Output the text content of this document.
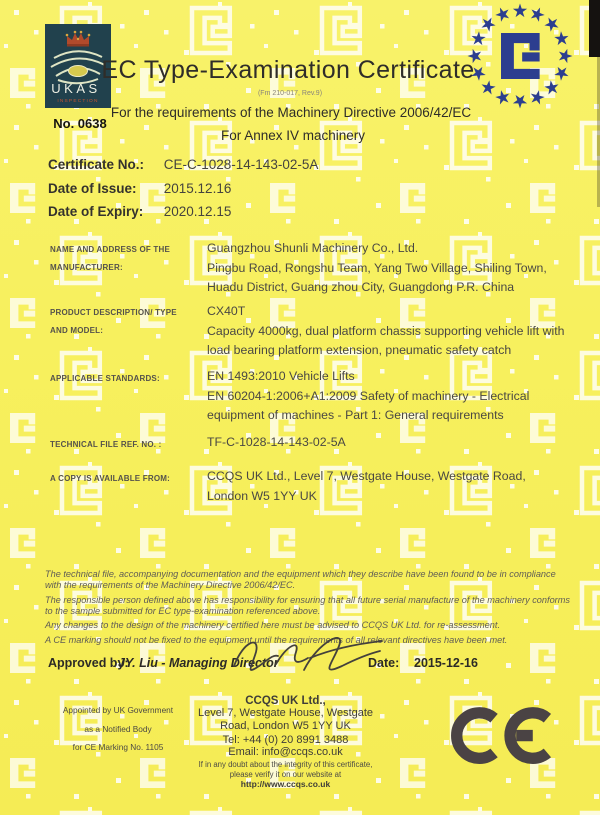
UKAS
INSPECTION
No. 0638
EC Type-Examination Certificate
(Fm 210-017, Rev.9)
For the requirements of the Machinery Directive 2006/42/EC
For Annex IV machinery
Certificate No.: CE-C-1028-14-143-02-5A
Date of Issue: 2015.12.16
Date of Expiry: 2020.12.15
NAME AND ADDRESS OF THE
MANUFACTURER:
Guangzhou Shunli Machinery Co., Ltd.
Pingbu Road, Rongshu Team, Yang Two Village, Shiling Town,
Huadu District, Guang zhou City, Guangdong P.R. China
PRODUCT DESCRIPTION/ TYPE
AND MODEL:
CX40T
Capacity 4000kg, dual platform chassis supporting vehicle lift with
load bearing platform extension, pneumatic safety catch
APPLICABLE STANDARDS:	EN 1493:2010 Vehicle Lifts
EN 60204-1:2006+A1:2009 Safety of machinery - Electrical
equipment of machines - Part 1: General requirements
TECHNICAL FILE REF. NO. :	TF-C-1028-14-143-02-5A
A COPY IS AVAILABLE FROM:	CCQS UK Ltd., Level 7, Westgate House, Westgate Road,
London W5 1YY UK

The technical file, accompanying documentation and the equipment which they describe have been found to be in compliance with the requirements of the Machinery Directive 2006/42/EC.

The responsible person defined above has responsibility for ensuring that all future serial manufacture of the machinery conforms to the sample submitted for EC type-examination referenced above.

Any changes to the design of the machinery certified here must be advised to CCQS UK Ltd. for re-assessment.

A CE marking should not be fixed to the equipment until the requirements of all relevant directives have been met.

Approved by:
JY. Liu - Managing Director	Date: 2015-12-16
Appointed by UK Government
as a Notified Body
for CE Marking No. 1105
CCQS UK Ltd.,
Level 7, Westgate House, Westgate
Road, London W5 1YY UK
Tel: +44 (0) 20 8991 3488
Email: info@ccqs.co.uk
If in any doubt about the integrity of this certificate,
please verify it on our website at
http://www.ccqs.co.uk
